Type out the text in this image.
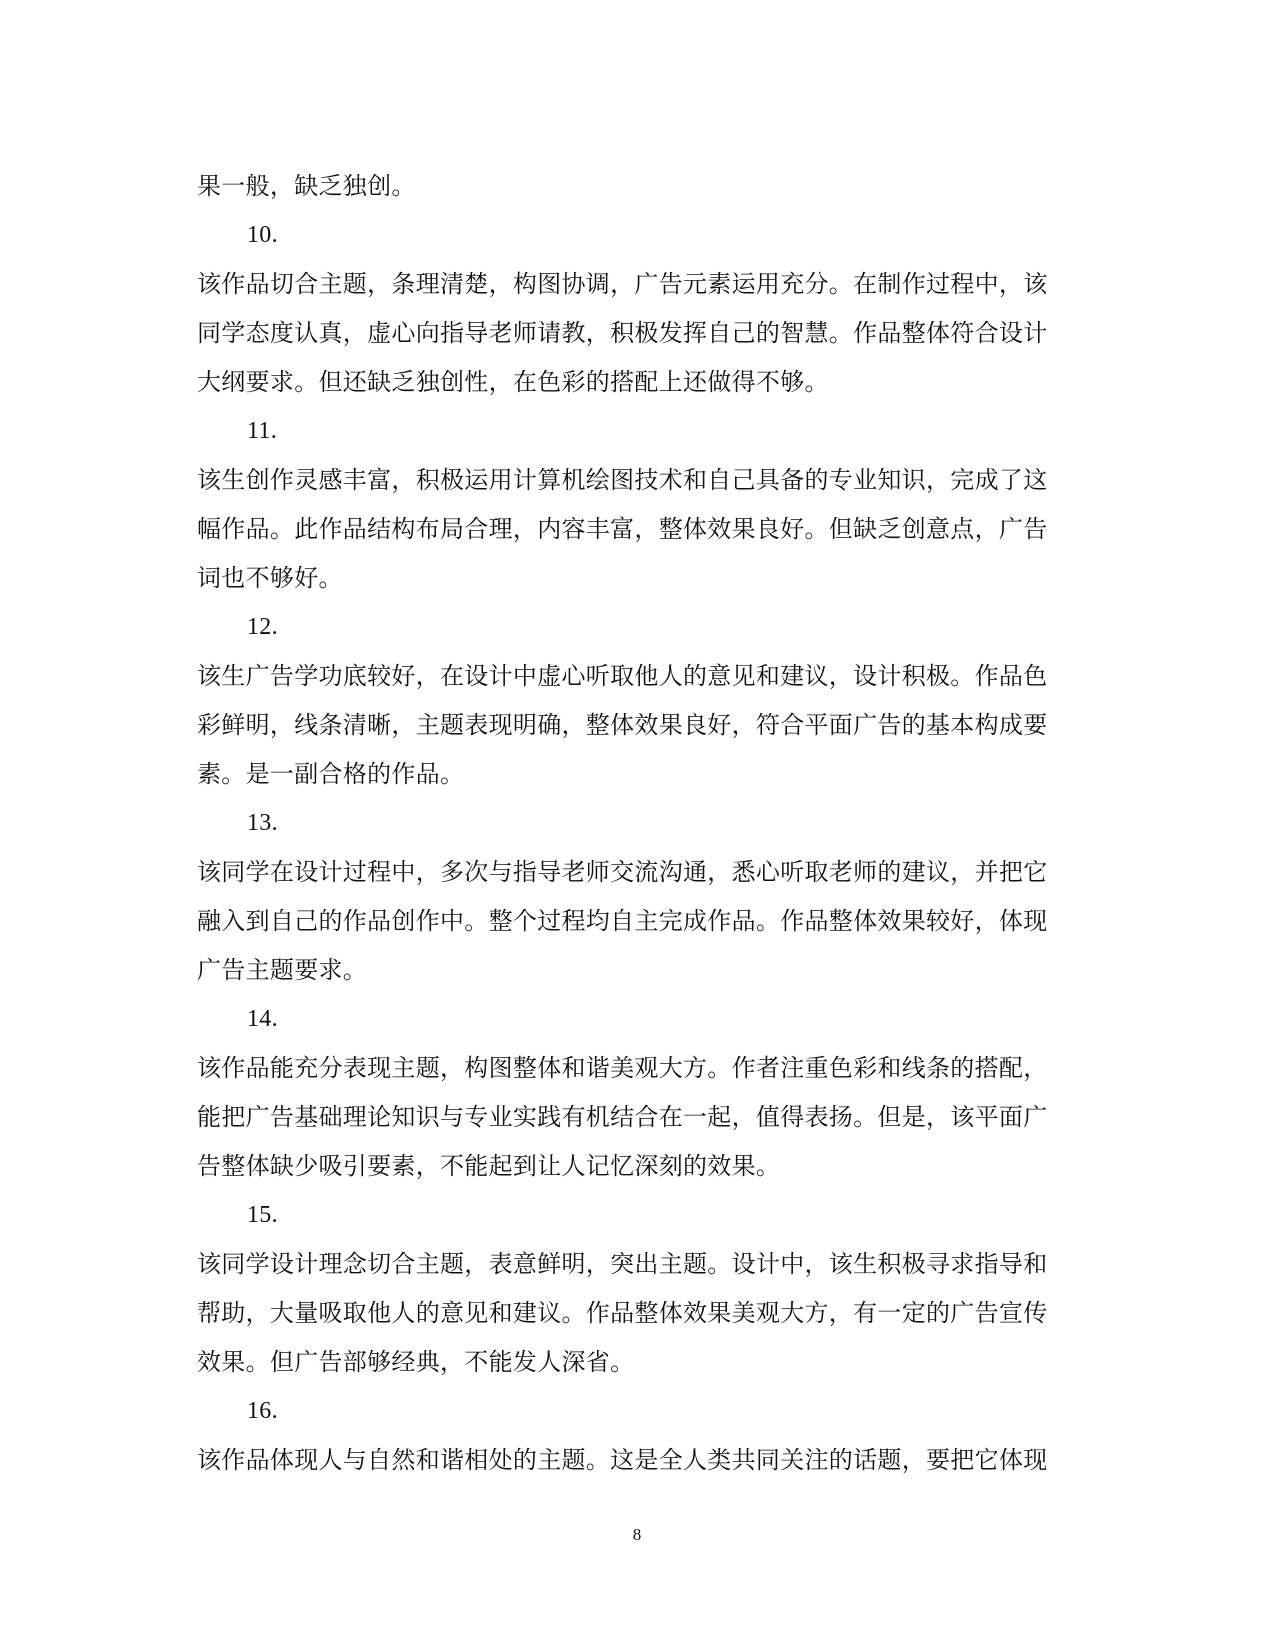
果一般，缺乏独创。
10.
该作品切合主题，条理清楚，构图协调，广告元素运用充分。在制作过程中，该
同学态度认真，虚心向指导老师请教，积极发挥自己的智慧。作品整体符合设计
大纲要求。但还缺乏独创性，在色彩的搭配上还做得不够。
11.
该生创作灵感丰富，积极运用计算机绘图技术和自己具备的专业知识，完成了这
幅作品。此作品结构布局合理，内容丰富，整体效果良好。但缺乏创意点，广告
词也不够好。
12.
该生广告学功底较好，在设计中虚心听取他人的意见和建议，设计积极。作品色
彩鲜明，线条清晰，主题表现明确，整体效果良好，符合平面广告的基本构成要
素。是一副合格的作品。
13.
该同学在设计过程中，多次与指导老师交流沟通，悉心听取老师的建议，并把它
融入到自己的作品创作中。整个过程均自主完成作品。作品整体效果较好，体现
广告主题要求。
14.
该作品能充分表现主题，构图整体和谐美观大方。作者注重色彩和线条的搭配，
能把广告基础理论知识与专业实践有机结合在一起，值得表扬。但是，该平面广
告整体缺少吸引要素，不能起到让人记忆深刻的效果。
15.
该同学设计理念切合主题，表意鲜明，突出主题。设计中，该生积极寻求指导和
帮助，大量吸取他人的意见和建议。作品整体效果美观大方，有一定的广告宣传
效果。但广告部够经典，不能发人深省。
16.
该作品体现人与自然和谐相处的主题。这是全人类共同关注的话题，要把它体现
8
